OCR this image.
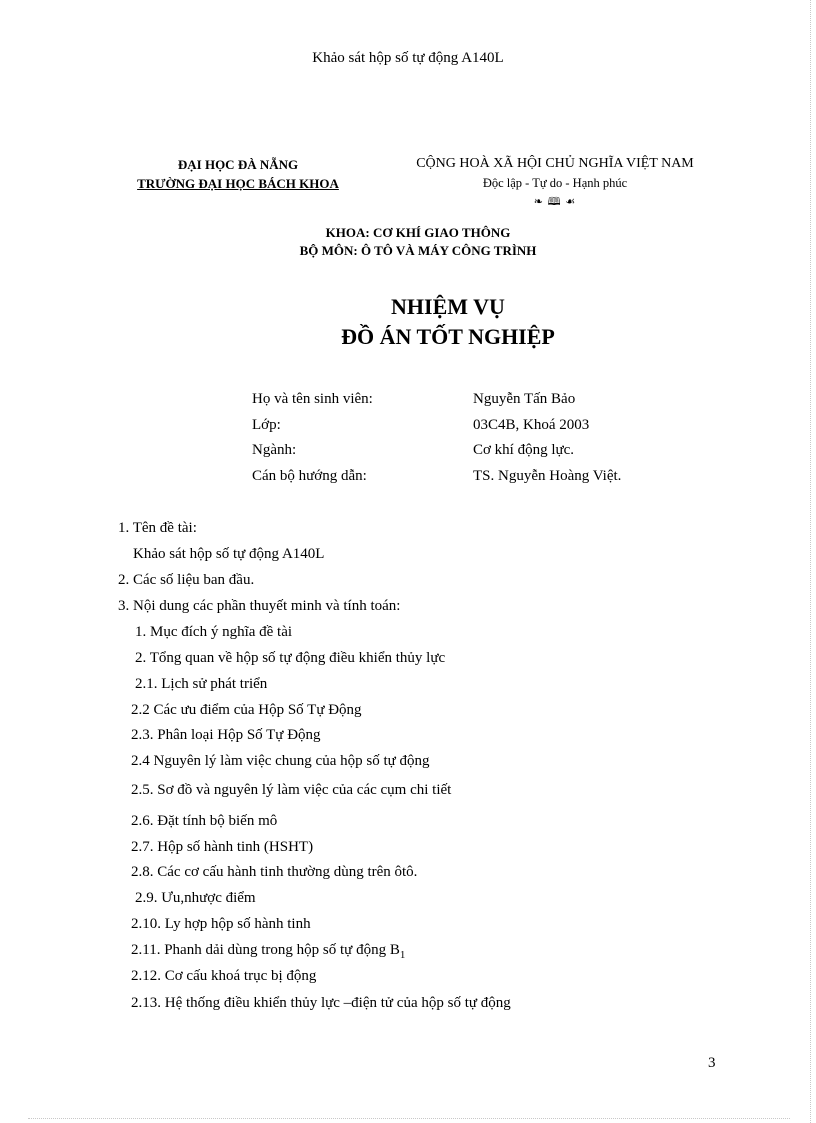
Khảo sát hộp số tự động A140L
ĐẠI HỌC ĐÀ NẴNG
TRƯỜNG ĐẠI HỌC BÁCH KHOA
CỘNG HOÀ XÃ HỘI CHỦ NGHĨA VIỆT NAM
Độc lập - Tự do - Hạnh phúc
❧ 🕮 ☙
KHOA: CƠ KHÍ GIAO THÔNG
BỘ MÔN: Ô TÔ VÀ MÁY CÔNG TRÌNH
NHIỆM VỤ
ĐỒ ÁN TỐT NGHIỆP
Họ và tên sinh viên:	Nguyễn Tấn Bảo
Lớp:	03C4B, Khoá 2003
Ngành:	Cơ khí động lực.
Cán bộ hướng dẫn:	TS. Nguyễn Hoàng Việt.
1. Tên đề tài:
Khảo sát hộp số tự động A140L
2. Các số liệu ban đầu.
3. Nội dung các phần thuyết minh và tính toán:
1. Mục đích ý nghĩa đề tài
2. Tổng quan về hộp số tự động điều khiển thủy lực
2.1. Lịch sử phát triển
2.2 Các ưu điểm của Hộp Số Tự Động
2.3. Phân loại Hộp Số Tự Động
2.4 Nguyên lý làm việc chung của hộp số tự động
2.5. Sơ đồ và nguyên lý làm việc của các cụm chi tiết
2.6. Đặt tính bộ biến mô
2.7. Hộp số hành tinh (HSHT)
2.8. Các cơ cấu hành tinh thường dùng trên ôtô.
2.9. Ưu,nhược điểm
2.10. Ly hợp hộp số hành tinh
2.11. Phanh dải dùng trong hộp số tự động $B_1$
2.12. Cơ cấu khoá trục bị động
2.13. Hệ thống điều khiển thủy lực –điện tử của hộp số tự động
3
